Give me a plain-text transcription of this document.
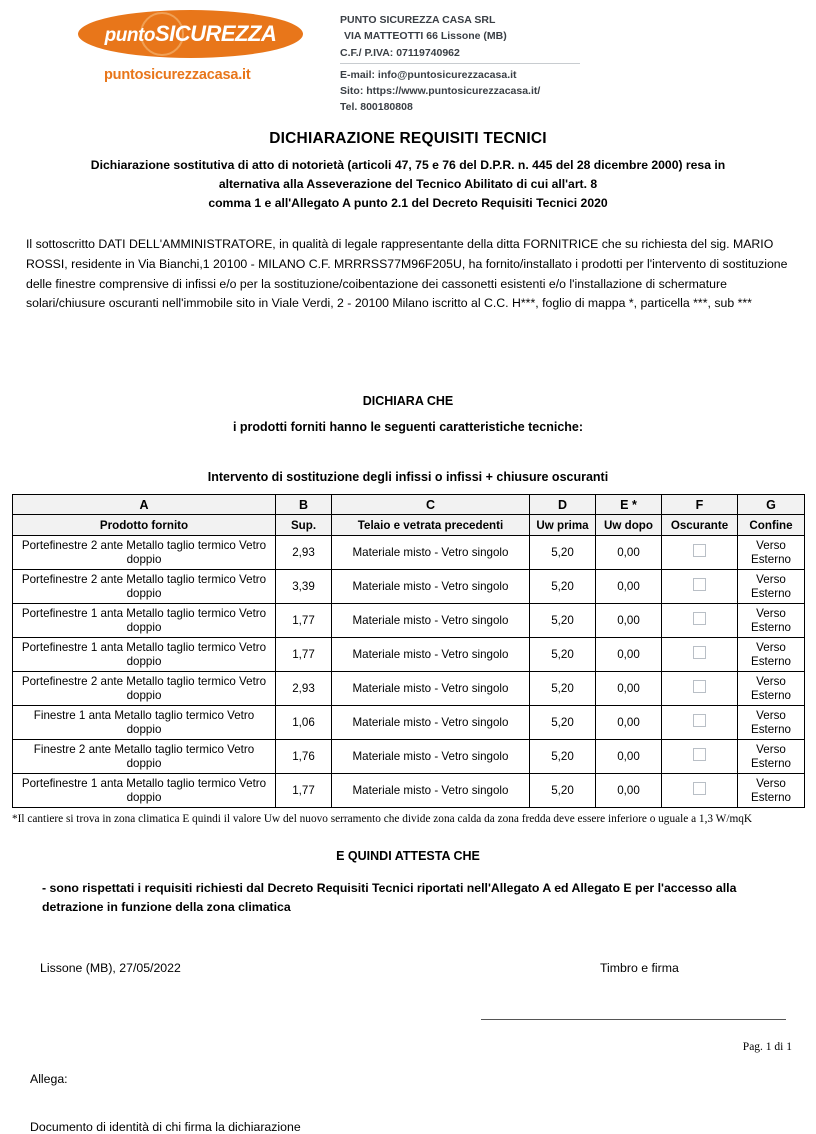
puntoSICUREZZA
®
puntosicurezzacasa.it
PUNTO SICUREZZA CASA SRL
VIA MATTEOTTI 66 Lissone (MB)
C.F./ P.IVA: 07119740962
E-mail: info@puntosicurezzacasa.it
Sito: https://www.puntosicurezzacasa.it/
Tel. 800180808
DICHIARAZIONE REQUISITI TECNICI
Dichiarazione sostitutiva di atto di notorietà (articoli 47, 75 e 76 del D.P.R. n. 445 del 28 dicembre 2000) resa in
alternativa alla Asseverazione del Tecnico Abilitato di cui all'art. 8
comma 1 e all'Allegato A punto 2.1 del Decreto Requisiti Tecnici 2020
Il sottoscritto DATI DELL'AMMINISTRATORE, in qualità di legale rappresentante della ditta FORNITRICE che su richiesta del sig. MARIO ROSSI, residente in Via Bianchi,1 20100 - MILANO C.F. MRRRSS77M96F205U, ha fornito/installato i prodotti per l'intervento di sostituzione delle finestre comprensive di infissi e/o per la sostituzione/coibentazione dei cassonetti esistenti e/o l'installazione di schermature solari/chiusure oscuranti nell'immobile sito in Viale Verdi, 2 - 20100 Milano iscritto al C.C. H***, foglio di mappa *, particella ***, sub ***
DICHIARA CHE
i prodotti forniti hanno le seguenti caratteristiche tecniche:
Intervento di sostituzione degli infissi o infissi + chiusure oscuranti
A	B	C	D	E *	F	G
Prodotto fornito	Sup.	Telaio e vetrata precedenti	Uw prima	Uw dopo	Oscurante	Confine
Portefinestre 2 ante Metallo taglio termico Vetro doppio	2,93	Materiale misto - Vetro singolo	5,20	0,00		Verso Esterno
Portefinestre 2 ante Metallo taglio termico Vetro doppio	3,39	Materiale misto - Vetro singolo	5,20	0,00		Verso Esterno
Portefinestre 1 anta Metallo taglio termico Vetro doppio	1,77	Materiale misto - Vetro singolo	5,20	0,00		Verso Esterno
Portefinestre 1 anta Metallo taglio termico Vetro doppio	1,77	Materiale misto - Vetro singolo	5,20	0,00		Verso Esterno
Portefinestre 2 ante Metallo taglio termico Vetro doppio	2,93	Materiale misto - Vetro singolo	5,20	0,00		Verso Esterno
Finestre 1 anta Metallo taglio termico Vetro doppio	1,06	Materiale misto - Vetro singolo	5,20	0,00		Verso Esterno
Finestre 2 ante Metallo taglio termico Vetro doppio	1,76	Materiale misto - Vetro singolo	5,20	0,00		Verso Esterno
Portefinestre 1 anta Metallo taglio termico Vetro doppio	1,77	Materiale misto - Vetro singolo	5,20	0,00		Verso Esterno
*Il cantiere si trova in zona climatica E quindi il valore Uw del nuovo serramento che divide zona calda da zona fredda deve essere inferiore o uguale a 1,3 W/mqK
E QUINDI ATTESTA CHE
- sono rispettati i requisiti richiesti dal Decreto Requisiti Tecnici riportati nell'Allegato A ed Allegato E per l'accesso alla detrazione in funzione della zona climatica
Lissone (MB), 27/05/2022	Timbro e firma
Allega:
Documento di identità di chi firma la dichiarazione
Pag. 1 di 1
